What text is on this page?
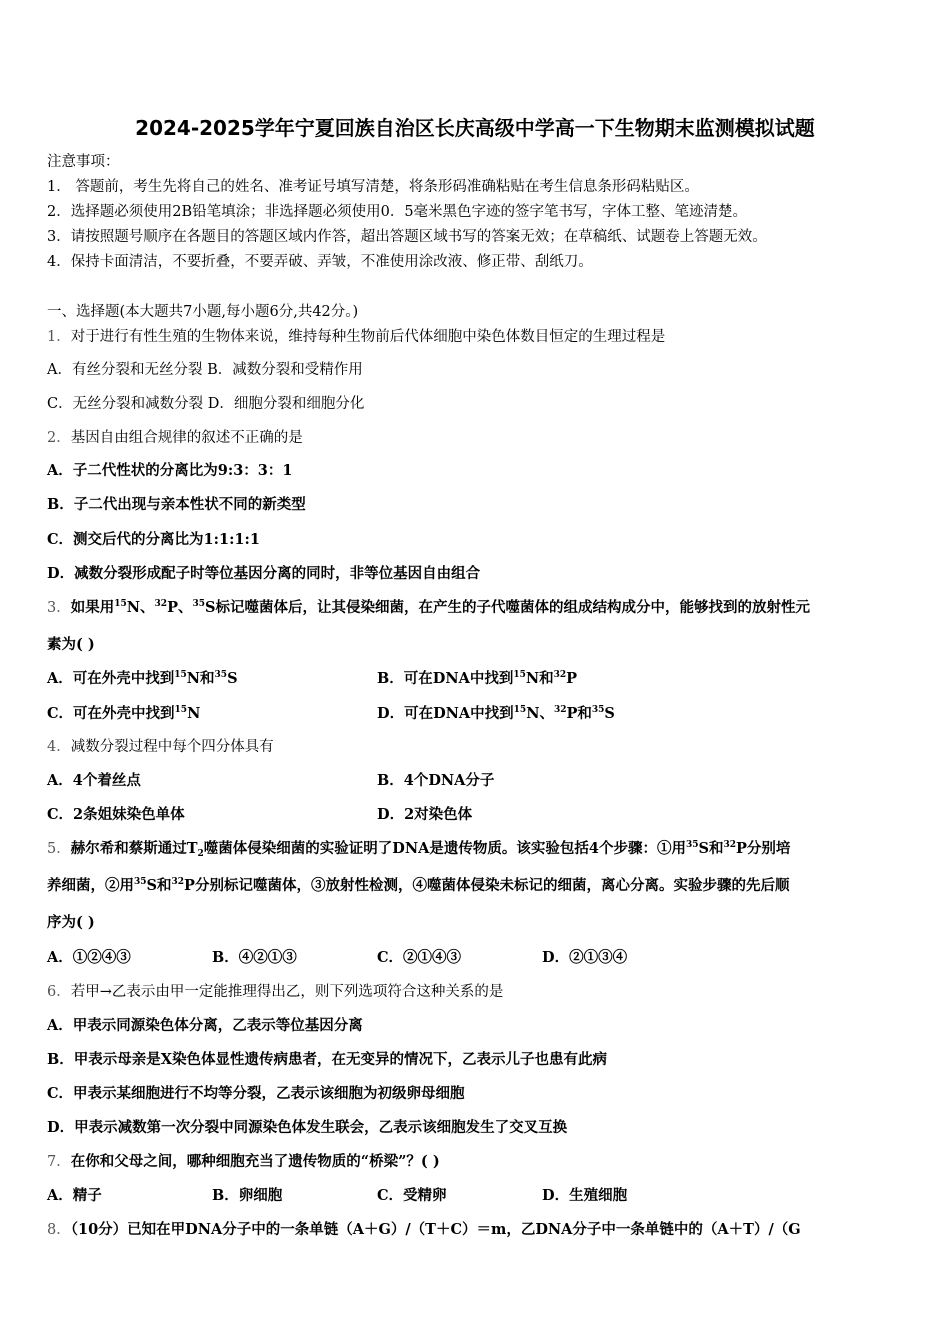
2024-2025学年宁夏回族自治区长庆高级中学高一下生物期末监测模拟试题
注意事项：
1． 答题前，考生先将自己的姓名、准考证号填写清楚，将条形码准确粘贴在考生信息条形码粘贴区。
2．选择题必须使用2B铅笔填涂；非选择题必须使用0．5毫米黑色字迹的签字笔书写，字体工整、笔迹清楚。
3．请按照题号顺序在各题目的答题区域内作答，超出答题区域书写的答案无效；在草稿纸、试题卷上答题无效。
4．保持卡面清洁，不要折叠，不要弄破、弄皱，不准使用涂改液、修正带、刮纸刀。
一、选择题(本大题共7小题,每小题6分,共42分。)
1．对于进行有性生殖的生物体来说，维持每种生物前后代体细胞中染色体数目恒定的生理过程是
A．有丝分裂和无丝分裂 B．减数分裂和受精作用
C．无丝分裂和减数分裂 D．细胞分裂和细胞分化
2．基因自由组合规律的叙述不正确的是
A．子二代性状的分离比为9:3：3：1
B．子二代出现与亲本性状不同的新类型
C．测交后代的分离比为1:1:1:1
D．减数分裂形成配子时等位基因分离的同时，非等位基因自由组合
3．如果用$^{15}$N、$^{32}$P、$^{35}$S标记噬菌体后，让其侵染细菌，在产生的子代噬菌体的组成结构成分中，能够找到的放射性元
素为( )
A．可在外壳中找到$^{15}$N和$^{35}$S	B．可在DNA中找到$^{15}$N和$^{32}$P
C．可在外壳中找到$^{15}$N	D．可在DNA中找到$^{15}$N、$^{32}$P和$^{35}$S
4．减数分裂过程中每个四分体具有
A．4个着丝点	B．4个DNA分子
C．2条姐妹染色单体	D．2对染色体
5．赫尔希和蔡斯通过$T_2$噬菌体侵染细菌的实验证明了DNA是遗传物质。该实验包括4个步骤：①用$^{35}$S和$^{32}$P分别培
养细菌，②用$^{35}$S和$^{32}$P分别标记噬菌体，③放射性检测，④噬菌体侵染未标记的细菌，离心分离。实验步骤的先后顺
序为( )
A．①②④③	B．④②①③	C．②①④③	D．②①③④
6．若甲→乙表示由甲一定能推理得出乙，则下列选项符合这种关系的是
A．甲表示同源染色体分离，乙表示等位基因分离
B．甲表示母亲是X染色体显性遗传病患者，在无变异的情况下，乙表示儿子也患有此病
C．甲表示某细胞进行不均等分裂，乙表示该细胞为初级卵母细胞
D．甲表示减数第一次分裂中同源染色体发生联会，乙表示该细胞发生了交叉互换
7．在你和父母之间，哪种细胞充当了遗传物质的“桥梁”？( )
A．精子	B．卵细胞	C．受精卵	D．生殖细胞
8．（10分）已知在甲DNA分子中的一条单链（A＋G）/（T＋C）＝m，乙DNA分子中一条单链中的（A＋T）/（G
